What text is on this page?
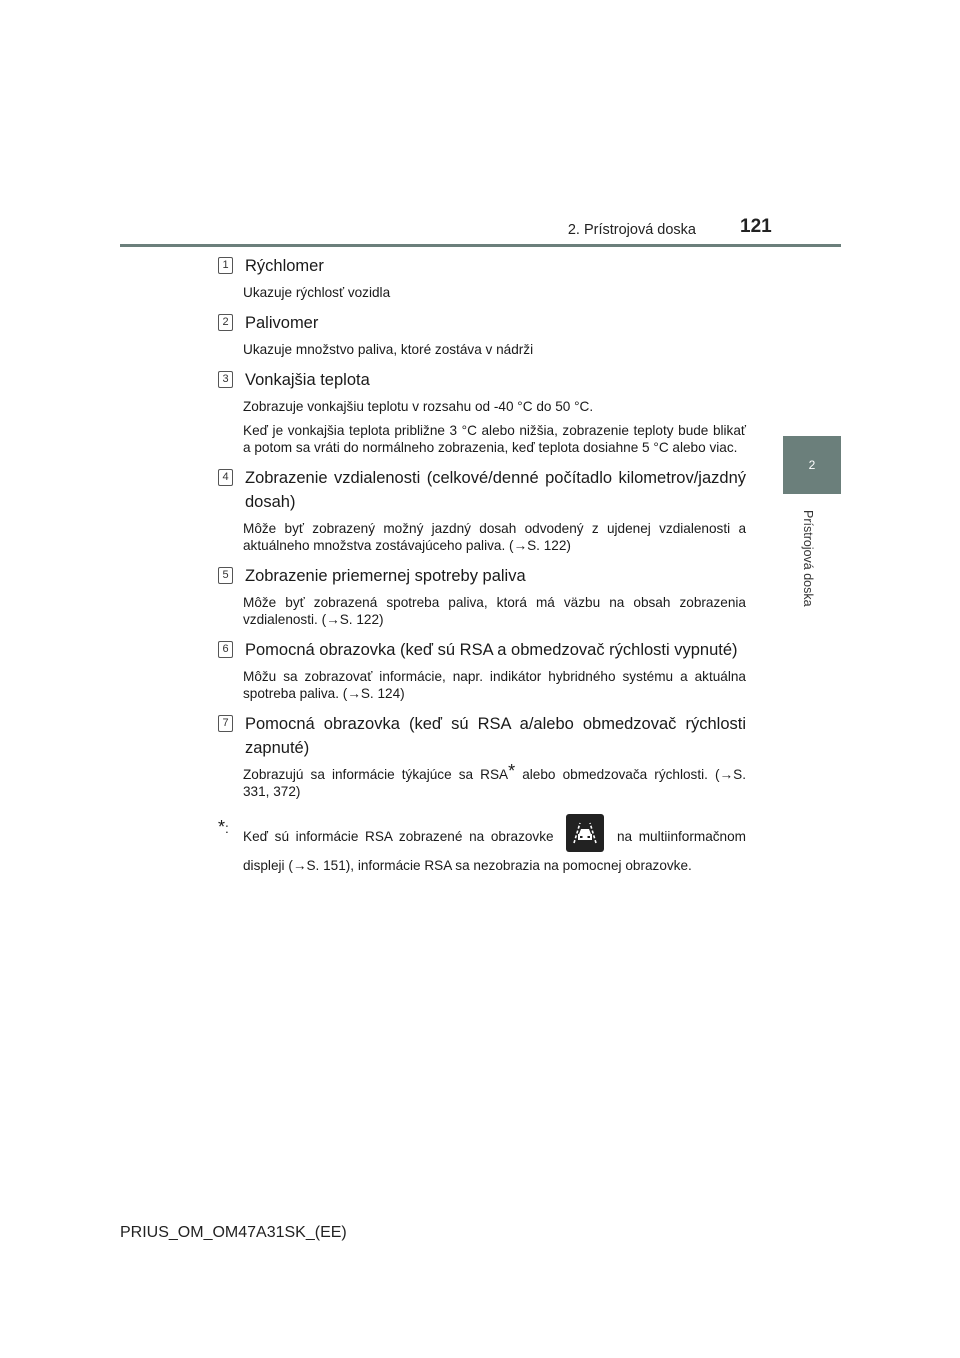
2. Prístrojová doska 121
2
Prístrojová doska
1 Rýchlomer
Ukazuje rýchlosť vozidla
2 Palivomer
Ukazuje množstvo paliva, ktoré zostáva v nádrži
3 Vonkajšia teplota
Zobrazuje vonkajšiu teplotu v rozsahu od -40 °C do 50 °C.
Keď je vonkajšia teplota približne 3 °C alebo nižšia, zobrazenie teploty bude blikať a potom sa vráti do normálneho zobrazenia, keď teplota dosiahne 5 °C alebo viac.
4 Zobrazenie vzdialenosti (celkové/denné počítadlo kilometrov/jazdný dosah)
Môže byť zobrazený možný jazdný dosah odvodený z ujdenej vzdialenosti a aktuálneho množstva zostávajúceho paliva. (→S. 122)
5 Zobrazenie priemernej spotreby paliva
Môže byť zobrazená spotreba paliva, ktorá má väzbu na obsah zobrazenia vzdialenosti. (→S. 122)
6 Pomocná obrazovka (keď sú RSA a obmedzovač rýchlosti vypnuté)
Môžu sa zobrazovať informácie, napr. indikátor hybridného systému a aktuálna spotreba paliva. (→S. 124)
7 Pomocná obrazovka (keď sú RSA a/alebo obmedzovač rýchlosti zapnuté)
Zobrazujú sa informácie týkajúce sa RSA* alebo obmedzovača rýchlosti. (→S. 331, 372)
*:
Keď sú informácie RSA zobrazené na obrazovke	na multiinformačnom displeji (→S. 151), informácie RSA sa nezobrazia na pomocnej obrazovke.
PRIUS_OM_OM47A31SK_(EE)
